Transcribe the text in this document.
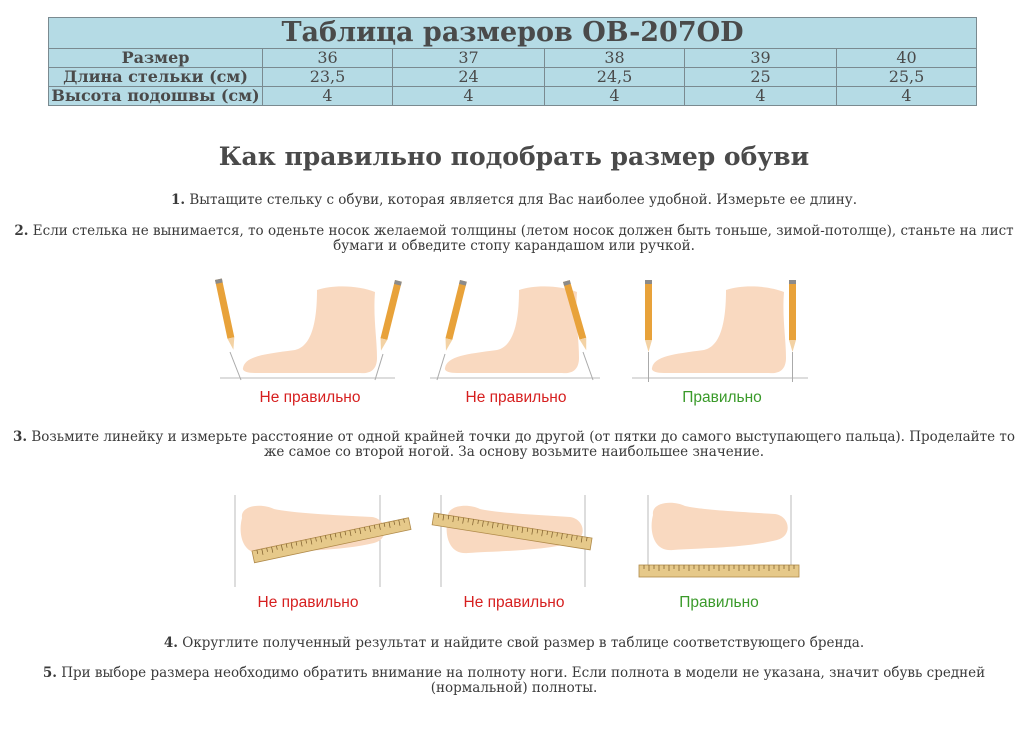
Таблица размеров OB-207OD					
Размер	36	37	38	39	40
Длина стельки (см)	23,5	24	24,5	25	25,5
Высота подошвы (см)	4	4	4	4	4
Как правильно подобрать размер обуви

1. Вытащите стельку с обуви, которая является для Вас наиболее удобной. Измерьте ее длину.

2. Если стелька не вынимается, то оденьте носок желаемой толщины (летом носок должен быть тоньше, зимой-потолще), станьте на лист бумаги и обведите стопу карандашом или ручкой.

Не правильно	Не правильно	Правильно

3. Возьмите линейку и измерьте расстояние от одной крайней точки до другой (от пятки до самого выступающего пальца). Проделайте то же самое со второй ногой. За основу возьмите наибольшее значение.

Не правильно	Не правильно	Правильно

4. Округлите полученный результат и найдите свой размер в таблице соответствующего бренда.

5. При выборе размера необходимо обратить внимание на полноту ноги. Если полнота в модели не указана, значит обувь средней (нормальной) полноты.
